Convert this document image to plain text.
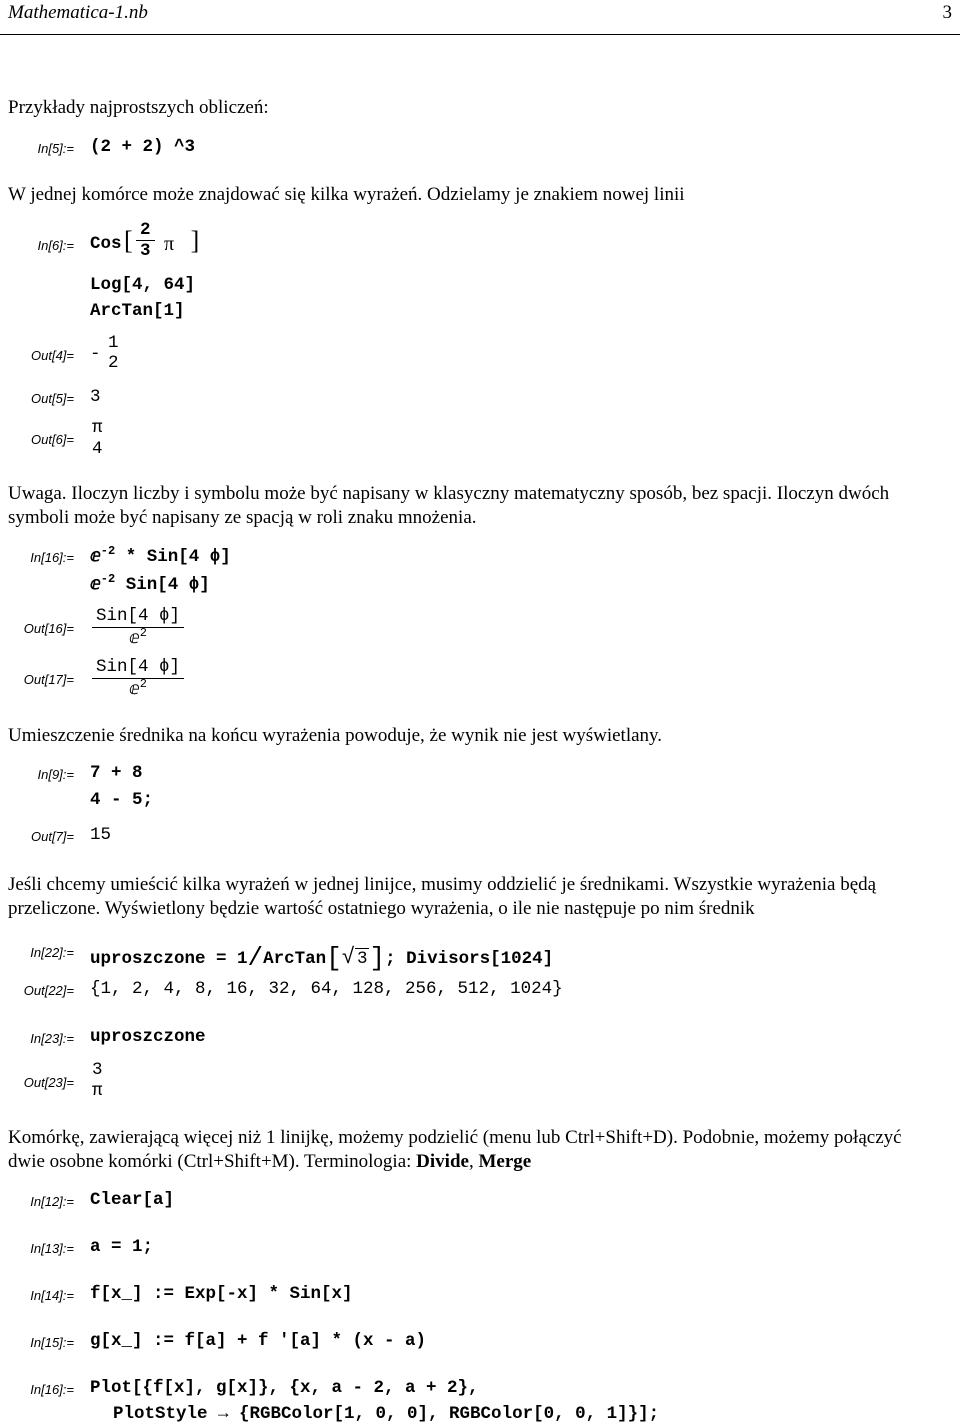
Mathematica-1.nb	3
Przykłady najprostszych obliczeń:
In[5]:= (2 + 2) ^3
W jednej komórce może znajdować się kilka wyrażeń. Odzielamy je znakiem nowej linii
In[6]:= Cos [ $\frac{2}{3}$ π ]
Log[4, 64]
ArcTan[1]
Out[4]= -
1
2
Out[5]= 3
Out[6]=
π
4
Uwaga. Iloczyn liczby i symbolu może być napisany w klasyczny matematyczny sposób, bez spacji. Iloczyn dwóch
symboli może być napisany ze spacją w roli znaku mnożenia.
In[16]:= ⅇ$^{-2}$ * Sin[4 ϕ]
ⅇ$^{-2}$ Sin[4 ϕ]
Out[16]=
Sin[4 ϕ]
ⅇ$^2$
Out[17]=
Sin[4 ϕ]
ⅇ$^2$
Umieszczenie średnika na końcu wyrażenia powoduje, że wynik nie jest wyświetlany.
In[9]:= 7 + 8
4 - 5;
Out[7]= 15
Jeśli chcemy umieścić kilka wyrażeń w jednej linijce, musimy oddzielić je średnikami. Wszystkie wyrażenia będą
przeliczone. Wyświetlony będzie wartość ostatniego wyrażenia, o ile nie następuje po nim średnik
In[22]:= uproszczone = 1/ArcTan[√ 3]; Divisors[1024]
Out[22]= {1, 2, 4, 8, 16, 32, 64, 128, 256, 512, 1024}
In[23]:= uproszczone
Out[23]=
3
π
Komórkę, zawierającą więcej niż 1 linijkę, możemy podzielić (menu lub Ctrl+Shift+D). Podobnie, możemy połączyć
dwie osobne komórki (Ctrl+Shift+M). Terminologia: Divide, Merge
In[12]:= Clear[a]
In[13]:= a = 1;
In[14]:= f[x_] := Exp[-x] * Sin[x]
In[15]:= g[x_] := f[a] + f '[a] * (x - a)
In[16]:= Plot[{f[x], g[x]}, {x, a - 2, a + 2},
PlotStyle → {RGBColor[1, 0, 0], RGBColor[0, 0, 1]}];
